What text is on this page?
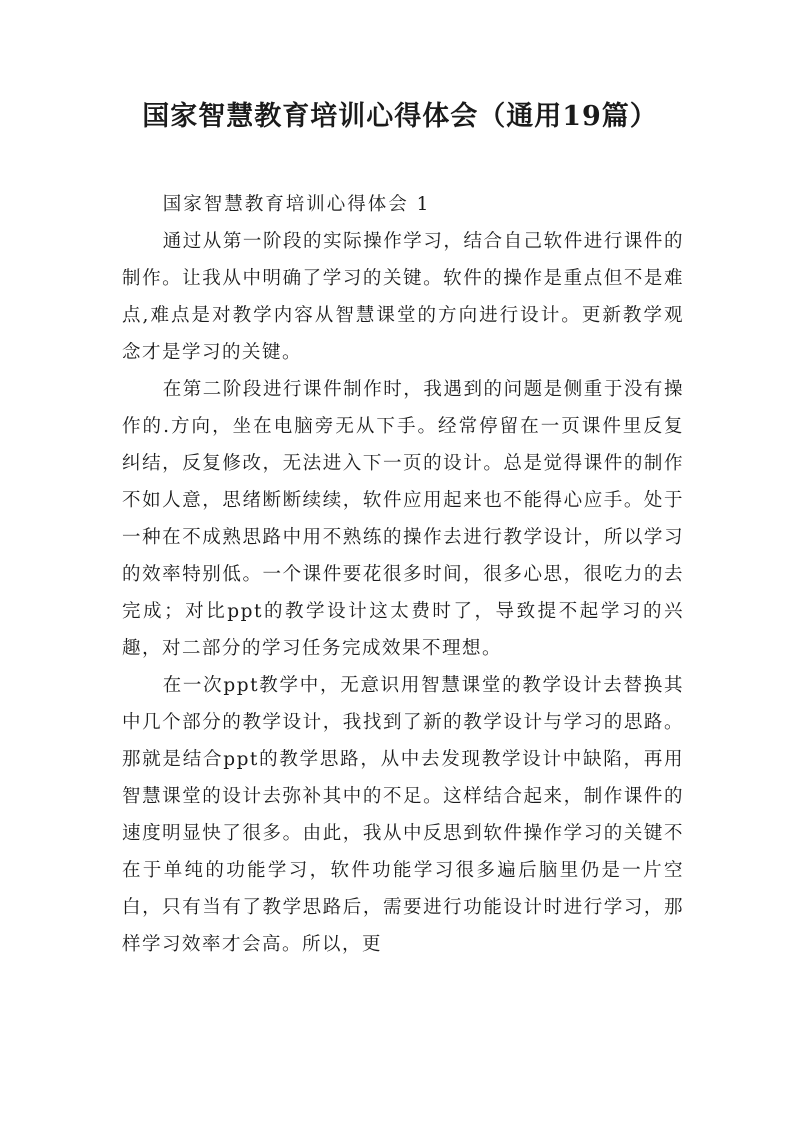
国家智慧教育培训心得体会（通用19篇）
国家智慧教育培训心得体会 1

通过从第一阶段的实际操作学习，结合自己软件进行课件的制作。让我从中明确了学习的关键。软件的操作是重点但不是难点,难点是对教学内容从智慧课堂的方向进行设计。更新教学观念才是学习的关键。

在第二阶段进行课件制作时，我遇到的问题是侧重于没有操作的.方向，坐在电脑旁无从下手。经常停留在一页课件里反复纠结，反复修改，无法进入下一页的设计。总是觉得课件的制作不如人意，思绪断断续续，软件应用起来也不能得心应手。处于一种在不成熟思路中用不熟练的操作去进行教学设计，所以学习的效率特别低。一个课件要花很多时间，很多心思，很吃力的去完成；对比ppt的教学设计这太费时了，导致提不起学习的兴趣，对二部分的学习任务完成效果不理想。

在一次ppt教学中，无意识用智慧课堂的教学设计去替换其中几个部分的教学设计，我找到了新的教学设计与学习的思路。那就是结合ppt的教学思路，从中去发现教学设计中缺陷，再用智慧课堂的设计去弥补其中的不足。这样结合起来，制作课件的速度明显快了很多。由此，我从中反思到软件操作学习的关键不在于单纯的功能学习，软件功能学习很多遍后脑里仍是一片空白，只有当有了教学思路后，需要进行功能设计时进行学习，那样学习效率才会高。所以，更
